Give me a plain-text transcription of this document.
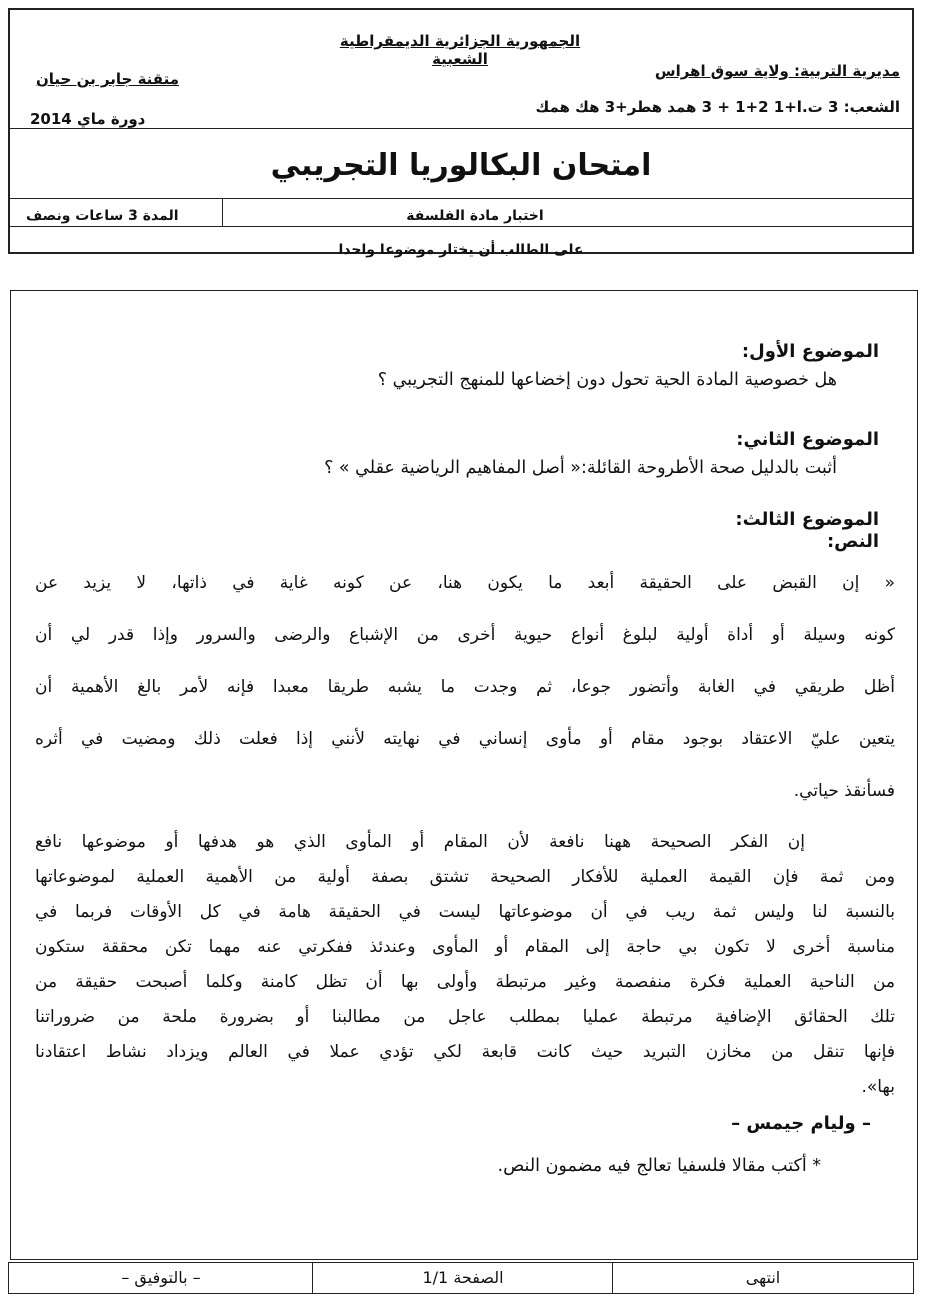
الجمهورية الجزائرية الديمقراطية الشعبية
مديرية التربية: ولاية سوق اهراس
متقنة جابر بن حيان
الشعب: 3 ت.ا+1 2+1 + 3 همد هطر+3 هك همك
دورة ماي 2014
امتحان البكالوريا التجريبي
اختبار مادة الفلسفة
المدة 3 ساعات ونصف
على الطالب أن يختار موضوعا واحدا
الموضوع الأول:
هل خصوصية المادة الحية تحول دون إخضاعها للمنهج التجريبي ؟
الموضوع الثاني:
أثبت بالدليل صحة الأطروحة القائلة:« أصل المفاهيم الرياضية عقلي » ؟
الموضوع الثالث:
النص:
« إن القبض على الحقيقة أبعد ما يكون هنا، عن كونه غاية في ذاتها، لا يزيد عن
كونه وسيلة أو أداة أولية لبلوغ أنواع حيوية أخرى من الإشباع والرضى والسرور وإذا قدر لي أن
أظل طريقي في الغابة وأتضور جوعا، ثم وجدت ما يشبه طريقا معبدا فإنه لأمر بالغ الأهمية أن
يتعين عليّ الاعتقاد بوجود مقام أو مأوى إنساني في نهايته لأنني إذا فعلت ذلك ومضيت في أثره
فسأنقذ حياتي.
إن الفكر الصحيحة ههنا نافعة لأن المقام أو المأوى الذي هو هدفها أو موضوعها نافع
ومن ثمة فإن القيمة العملية للأفكار الصحيحة تشتق بصفة أولية من الأهمية العملية لموضوعاتها
بالنسبة لنا وليس ثمة ريب في أن موضوعاتها ليست في الحقيقة هامة في كل الأوقات فربما في
مناسبة أخرى لا تكون بي حاجة إلى المقام أو المأوى وعندئذ ففكرتي عنه مهما تكن محققة ستكون
من الناحية العملية فكرة منفصمة وغير مرتبطة وأولى بها أن تظل كامنة وكلما أصبحت حقيقة من
تلك الحقائق الإضافية مرتبطة عمليا بمطلب عاجل من مطالبنا أو بضرورة ملحة من ضروراتنا
فإنها تنقل من مخازن التبريد حيث كانت قابعة لكي تؤدي عملا في العالم ويزداد نشاط اعتقادنا
بها».
– وليام جيمس –
* أكتب مقالا فلسفيا تعالج فيه مضمون النص.
انتهى
الصفحة 1/1
– بالتوفيق –
